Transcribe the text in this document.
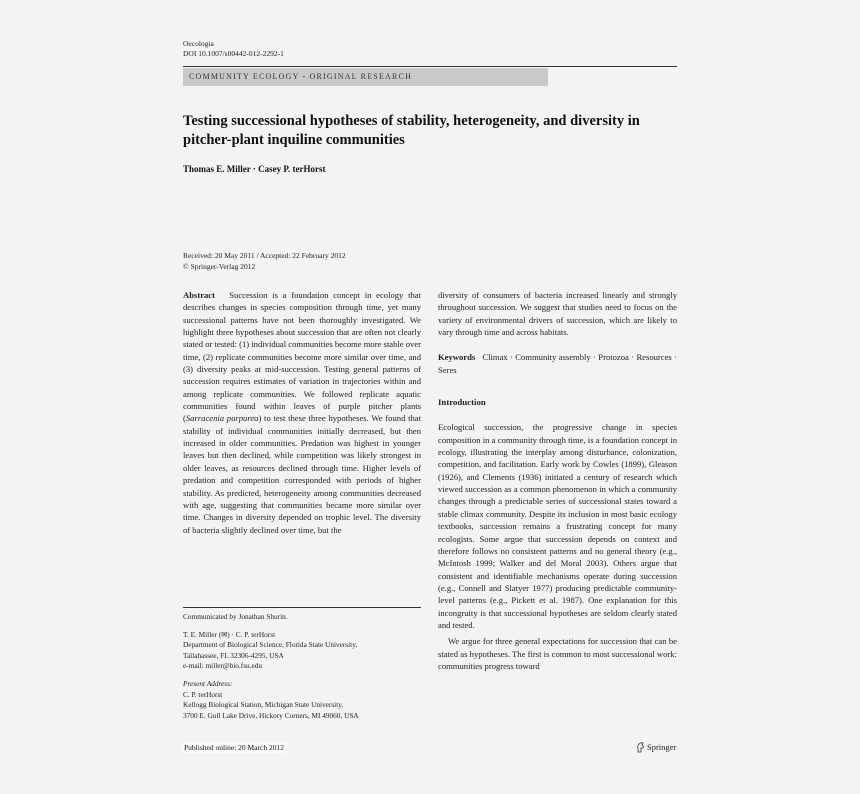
Oecologia
DOI 10.1007/s00442-012-2292-1
COMMUNITY ECOLOGY - ORIGINAL RESEARCH
Testing successional hypotheses of stability, heterogeneity, and diversity in pitcher-plant inquiline communities
Thomas E. Miller · Casey P. terHorst
Received: 20 May 2011 / Accepted: 22 February 2012
© Springer-Verlag 2012

Abstract Succession is a foundation concept in ecology that describes changes in species composition through time, yet many successional patterns have not been thoroughly investigated. We highlight three hypotheses about succession that are often not clearly stated or tested: (1) individual communities become more stable over time, (2) replicate communities become more similar over time, and (3) diversity peaks at mid-succession. Testing general patterns of succession requires estimates of variation in trajectories within and among replicate communities. We followed replicate aquatic communities found within leaves of purple pitcher plants (Sarracenia purpurea) to test these three hypotheses. We found that stability of individual communities initially decreased, but then increased in older communities. Predation was highest in younger leaves but then declined, while competition was likely strongest in older leaves, as resources declined through time. Higher levels of predation and competition corresponded with periods of higher stability. As predicted, heterogeneity among communities decreased with age, suggesting that communities became more similar over time. Changes in diversity depended on trophic level. The diversity of bacteria slightly declined over time, but the

Communicated by Jonathan Shurin.
T. E. Miller (✉) · C. P. terHorst
Department of Biological Science, Florida State University,
Tallahassee, FL 32306-4295, USA
e-mail: miller@bio.fsu.edu
Present Address:
C. P. terHorst
Kellogg Biological Station, Michigan State University,
3700 E. Gull Lake Drive, Hickory Corners, MI 49060, USA

diversity of consumers of bacteria increased linearly and strongly throughout succession. We suggest that studies need to focus on the variety of environmental drivers of succession, which are likely to vary through time and across habitats.

Keywords Climax · Community assembly · Protozoa · Resources · Seres

Introduction

Ecological succession, the progressive change in species composition in a community through time, is a foundation concept in ecology, illustrating the interplay among disturbance, colonization, competition, and facilitation. Early work by Cowles (1899), Gleason (1926), and Clements (1936) initiated a century of research which viewed succession as a common phenomenon in which a community changes through a predictable series of successional states toward a stable climax community. Despite its inclusion in most basic ecology textbooks, succession remains a frustrating concept for many ecologists. Some argue that succession depends on context and therefore follows no consistent patterns and no general theory (e.g., McIntosh 1999; Walker and del Moral 2003). Others argue that consistent and identifiable mechanisms operate during succession (e.g., Connell and Slatyer 1977) producing predictable community-level patterns (e.g., Pickett et al. 1987). One explanation for this incongruity is that successional hypotheses are seldom clearly stated and tested.

We argue for three general expectations for succession that can be stated as hypotheses. The first is common to most successional work: communities progress toward

Published online: 20 March 2012	Springer
